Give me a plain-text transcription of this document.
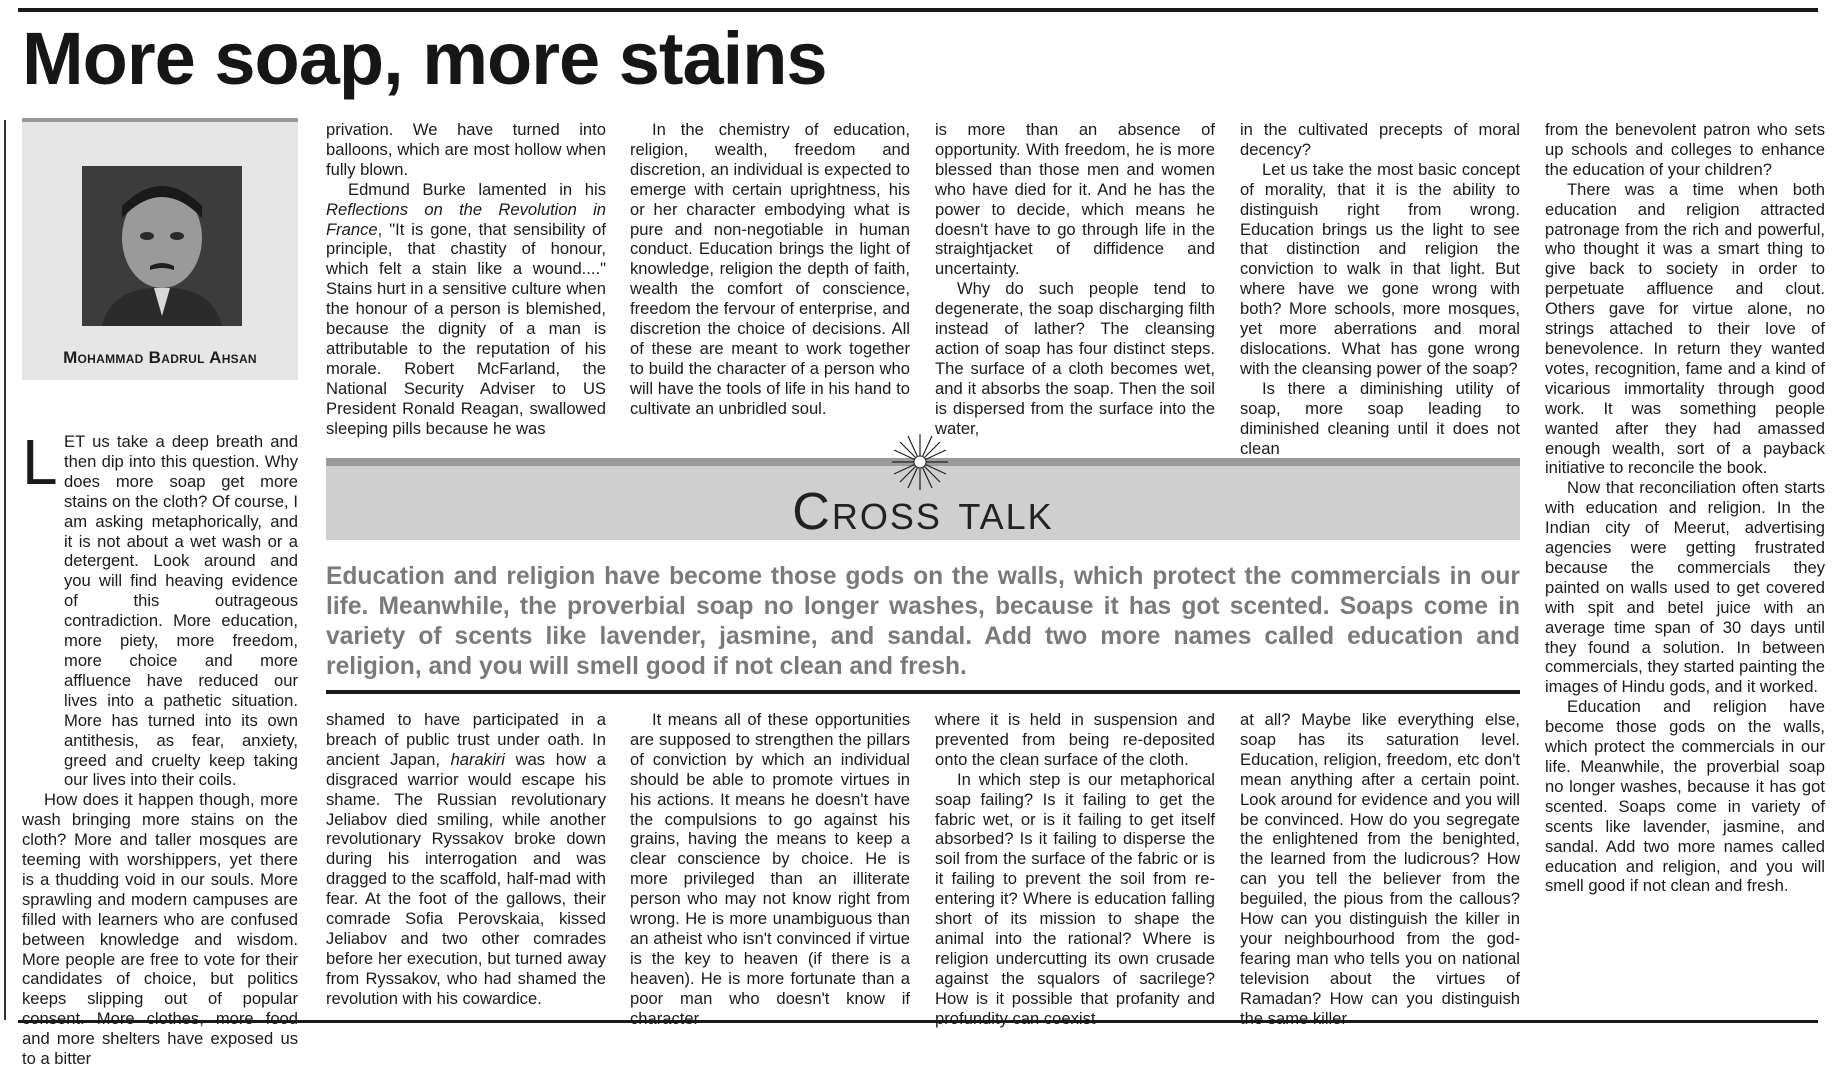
More soap, more stains
Mohammad Badrul Ahsan

L ET us take a deep breath and then dip into this question. Why does more soap get more stains on the cloth? Of course, I am asking metaphorically, and it is not about a wet wash or a detergent. Look around and you will find heaving evidence of this outrageous contradiction. More education, more piety, more freedom, more choice and more affluence have reduced our lives into a pathetic situation. More has turned into its own antithesis, as fear, anxiety, greed and cruelty keep taking our lives into their coils.

How does it happen though, more wash bringing more stains on the cloth? More and taller mosques are teeming with worshippers, yet there is a thudding void in our souls. More sprawling and modern campuses are filled with learners who are confused between knowledge and wisdom. More people are free to vote for their candidates of choice, but politics keeps slipping out of popular consent. More clothes, more food and more shelters have exposed us to a bitter

privation. We have turned into balloons, which are most hollow when fully blown.

Edmund Burke lamented in his Reflections on the Revolution in France, "It is gone, that sensibility of principle, that chastity of honour, which felt a stain like a wound...." Stains hurt in a sensitive culture when the honour of a person is blemished, because the dignity of a man is attributable to the reputation of his morale. Robert McFarland, the National Security Adviser to US President Ronald Reagan, swallowed sleeping pills because he was

In the chemistry of education, religion, wealth, freedom and discretion, an individual is expected to emerge with certain uprightness, his or her character embodying what is pure and non-negotiable in human conduct. Education brings the light of knowledge, religion the depth of faith, wealth the comfort of conscience, freedom the fervour of enterprise, and discretion the choice of decisions. All of these are meant to work together to build the character of a person who will have the tools of life in his hand to cultivate an unbridled soul.

is more than an absence of opportunity. With freedom, he is more blessed than those men and women who have died for it. And he has the power to decide, which means he doesn't have to go through life in the straightjacket of diffidence and uncertainty.

Why do such people tend to degenerate, the soap discharging filth instead of lather? The cleansing action of soap has four distinct steps. The surface of a cloth becomes wet, and it absorbs the soap. Then the soil is dispersed from the surface into the water,

in the cultivated precepts of moral decency?

Let us take the most basic concept of morality, that it is the ability to distinguish right from wrong. Education brings us the light to see that distinction and religion the conviction to walk in that light. But where have we gone wrong with both? More schools, more mosques, yet more aberrations and moral dislocations. What has gone wrong with the cleansing power of the soap?

Is there a diminishing utility of soap, more soap leading to diminished cleaning until it does not clean

from the benevolent patron who sets up schools and colleges to enhance the education of your children?

There was a time when both education and religion attracted patronage from the rich and powerful, who thought it was a smart thing to give back to society in order to perpetuate affluence and clout. Others gave for virtue alone, no strings attached to their love of benevolence. In return they wanted votes, recognition, fame and a kind of vicarious immortality through good work. It was something people wanted after they had amassed enough wealth, sort of a payback initiative to reconcile the book.

Now that reconciliation often starts with education and religion. In the Indian city of Meerut, advertising agencies were getting frustrated because the commercials they painted on walls used to get covered with spit and betel juice with an average time span of 30 days until they found a solution. In between commercials, they started painting the images of Hindu gods, and it worked.

Education and religion have become those gods on the walls, which protect the commercials in our life. Meanwhile, the proverbial soap no longer washes, because it has got scented. Soaps come in variety of scents like lavender, jasmine, and sandal. Add two more names called education and religion, and you will smell good if not clean and fresh.

Cross talk
Education and religion have become those gods on the walls, which protect the commercials in our life. Meanwhile, the proverbial soap no longer washes, because it has got scented. Soaps come in variety of scents like lavender, jasmine, and sandal. Add two more names called education and religion, and you will smell good if not clean and fresh.

shamed to have participated in a breach of public trust under oath. In ancient Japan, harakiri was how a disgraced warrior would escape his shame. The Russian revolutionary Jeliabov died smiling, while another revolutionary Ryssakov broke down during his interrogation and was dragged to the scaffold, half-mad with fear. At the foot of the gallows, their comrade Sofia Perovskaia, kissed Jeliabov and two other comrades before her execution, but turned away from Ryssakov, who had shamed the revolution with his cowardice.

It means all of these opportunities are supposed to strengthen the pillars of conviction by which an individual should be able to promote virtues in his actions. It means he doesn't have the compulsions to go against his grains, having the means to keep a clear conscience by choice. He is more privileged than an illiterate person who may not know right from wrong. He is more unambiguous than an atheist who isn't convinced if virtue is the key to heaven (if there is a heaven). He is more fortunate than a poor man who doesn't know if character

where it is held in suspension and prevented from being re-deposited onto the clean surface of the cloth.

In which step is our metaphorical soap failing? Is it failing to get the fabric wet, or is it failing to get itself absorbed? Is it failing to disperse the soil from the surface of the fabric or is it failing to prevent the soil from re-entering it? Where is education falling short of its mission to shape the animal into the rational? Where is religion undercutting its own crusade against the squalors of sacrilege? How is it possible that profanity and profundity can coexist

at all? Maybe like everything else, soap has its saturation level. Education, religion, freedom, etc don't mean anything after a certain point. Look around for evidence and you will be convinced. How do you segregate the enlightened from the benighted, the learned from the ludicrous? How can you tell the believer from the beguiled, the pious from the callous? How can you distinguish the killer in your neighbourhood from the god-fearing man who tells you on national television about the virtues of Ramadan? How can you distinguish the same killer
